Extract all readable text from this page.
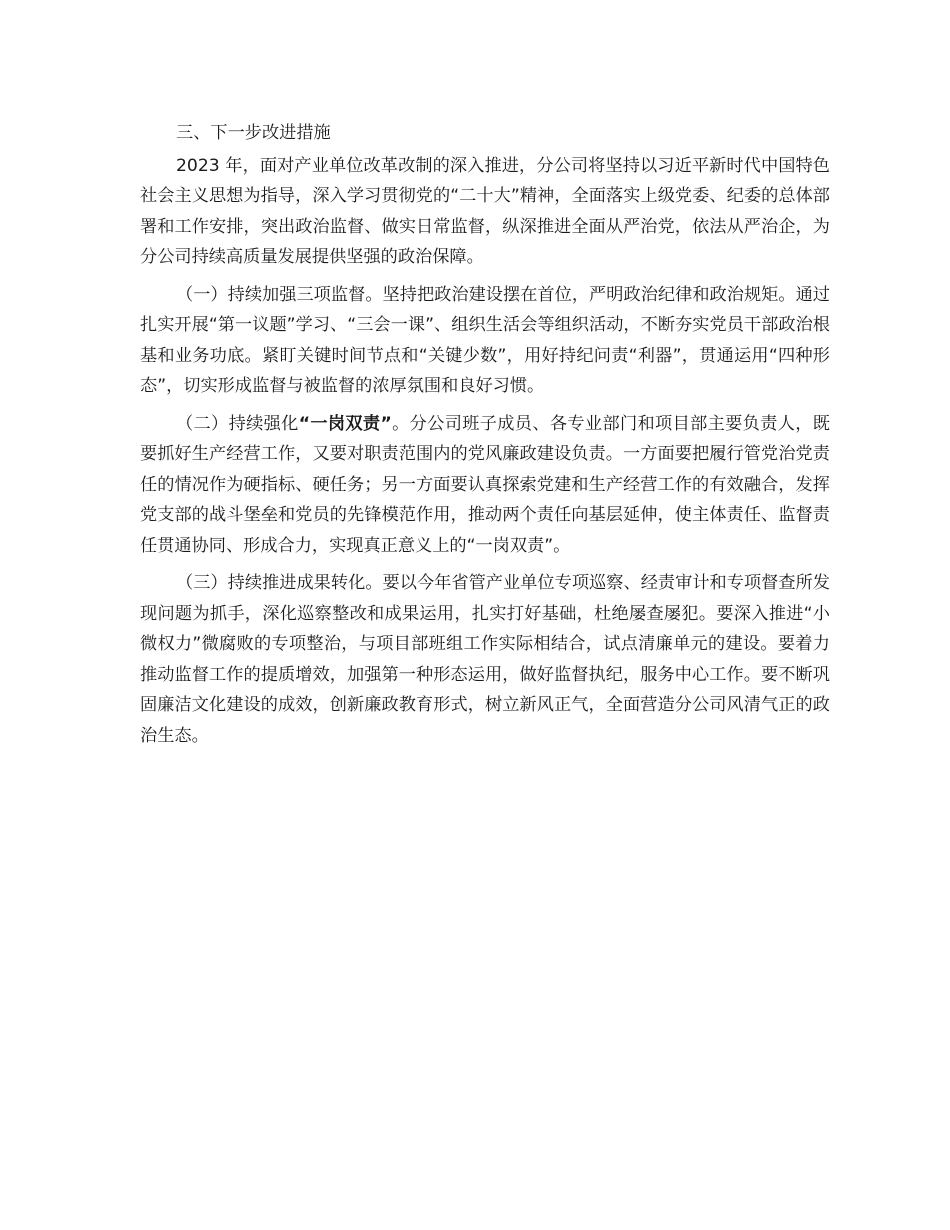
三、下一步改进措施

2023 年，面对产业单位改革改制的深入推进，分公司将坚持以习近平新时代中国特色社会主义思想为指导，深入学习贯彻党的“二十大”精神，全面落实上级党委、纪委的总体部署和工作安排，突出政治监督、做实日常监督，纵深推进全面从严治党，依法从严治企，为分公司持续高质量发展提供坚强的政治保障。

（一）持续加强三项监督。坚持把政治建设摆在首位，严明政治纪律和政治规矩。通过扎实开展“第一议题”学习、“三会一课”、组织生活会等组织活动，不断夯实党员干部政治根基和业务功底。紧盯关键时间节点和“关键少数”，用好持纪问责“利器”，贯通运用“四种形态”，切实形成监督与被监督的浓厚氛围和良好习惯。

（二）持续强化“一岗双责”。分公司班子成员、各专业部门和项目部主要负责人，既要抓好生产经营工作，又要对职责范围内的党风廉政建设负责。一方面要把履行管党治党责任的情况作为硬指标、硬任务；另一方面要认真探索党建和生产经营工作的有效融合，发挥党支部的战斗堡垒和党员的先锋模范作用，推动两个责任向基层延伸，使主体责任、监督责任贯通协同、形成合力，实现真正意义上的“一岗双责”。

（三）持续推进成果转化。要以今年省管产业单位专项巡察、经责审计和专项督查所发现问题为抓手，深化巡察整改和成果运用，扎实打好基础，杜绝屡查屡犯。要深入推进“小微权力”微腐败的专项整治，与项目部班组工作实际相结合，试点清廉单元的建设。要着力推动监督工作的提质增效，加强第一种形态运用，做好监督执纪，服务中心工作。要不断巩固廉洁文化建设的成效，创新廉政教育形式，树立新风正气，全面营造分公司风清气正的政治生态。
